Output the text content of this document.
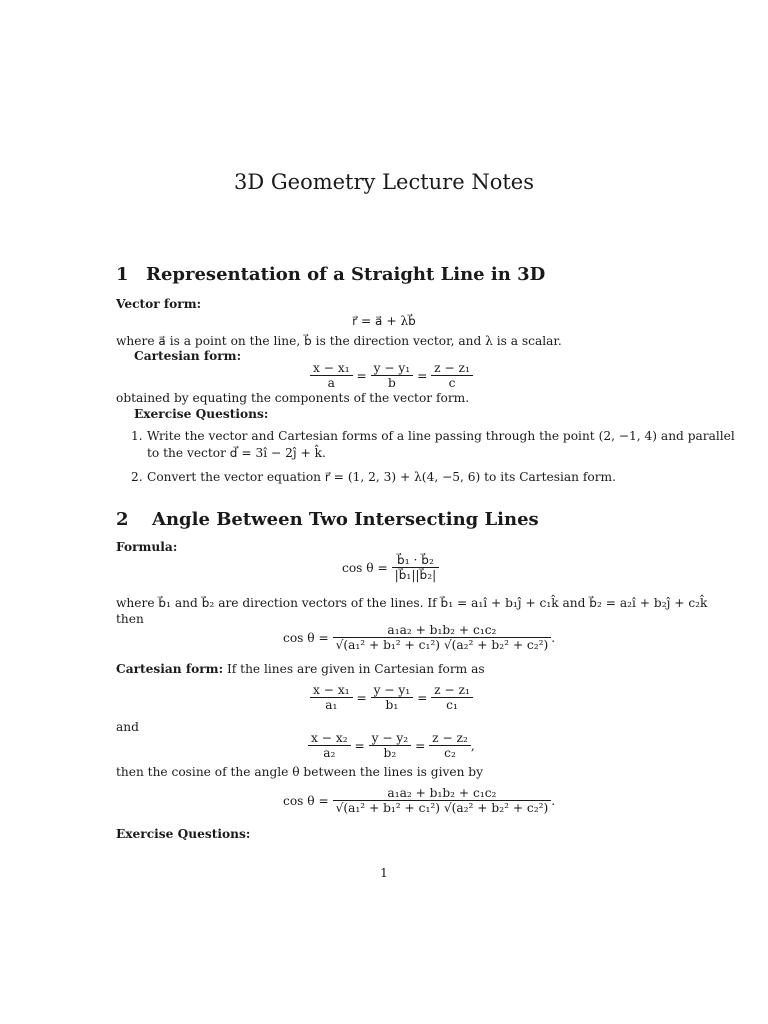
3D Geometry Lecture Notes
1 Representation of a Straight Line in 3D
Vector form:
r⃗ = a⃗ + λb⃗
where a⃗ is a point on the line, b⃗ is the direction vector, and λ is a scalar.
Cartesian form:
$\frac{\text{x − x₁}}{a} = \frac{\text{y − y₁}}{b} = \frac{\text{z − z₁}}{c}$
obtained by equating the components of the vector form.
Exercise Questions:
1. Write the vector and Cartesian forms of a line passing through the point (2, −1, 4) and parallel
to the vector d⃗ = 3î − 2ĵ + k̂.
2. Convert the vector equation r⃗ = (1, 2, 3) + λ(4, −5, 6) to its Cartesian form.
2 Angle Between Two Intersecting Lines
Formula:
$\cos \theta = \frac{\text{b⃗₁ · b⃗₂}}{\text{|b⃗₁||b⃗₂|}}$
where b⃗₁ and b⃗₂ are direction vectors of the lines. If b⃗₁ = a₁î + b₁ĵ + c₁k̂ and b⃗₂ = a₂î + b₂ĵ + c₂k̂
then
$\cos \theta = \frac{\text{a₁a₂ + b₁b₂ + c₁c₂}}{\text{√(a₁² + b₁² + c₁²) √(a₂² + b₂² + c₂²)}}$ .
Cartesian form: If the lines are given in Cartesian form as
$\frac{\text{x − x₁}}{\text{a₁}} = \frac{\text{y − y₁}}{\text{b₁}} = \frac{\text{z − z₁}}{\text{c₁}}$
and
$\frac{\text{x − x₂}}{\text{a₂}} = \frac{\text{y − y₂}}{\text{b₂}} = \frac{\text{z − z₂}}{\text{c₂}}$ ,
then the cosine of the angle θ between the lines is given by
$\cos \theta = \frac{\text{a₁a₂ + b₁b₂ + c₁c₂}}{\text{√(a₁² + b₁² + c₁²) √(a₂² + b₂² + c₂²)}}$ .
Exercise Questions:
1
